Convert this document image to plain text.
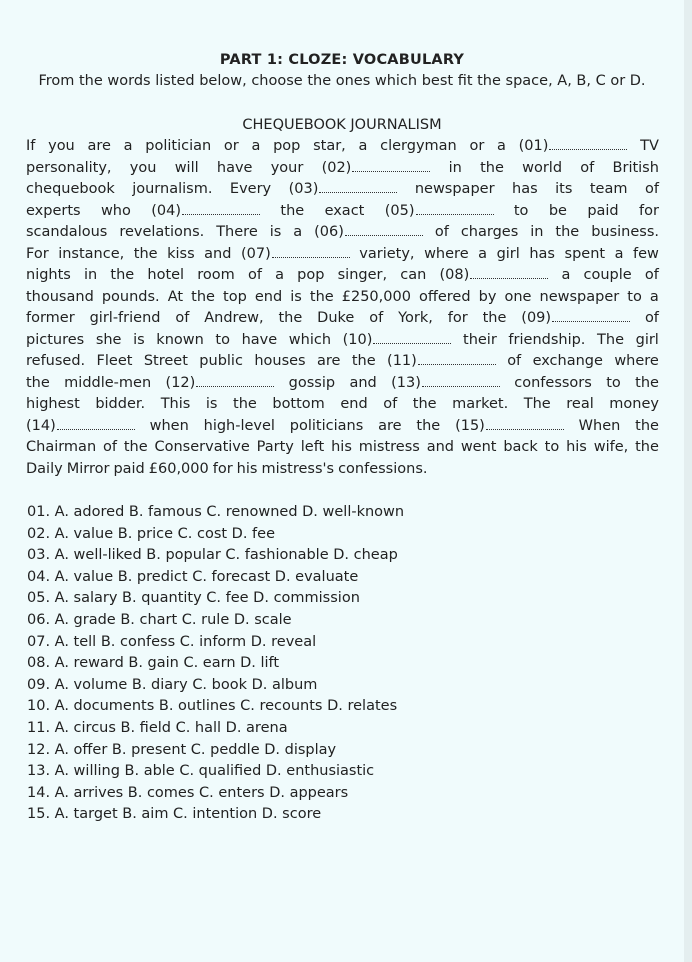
PART 1: CLOZE: VOCABULARY
From the words listed below, choose the ones which best fit the space, A, B, C or D.
CHEQUEBOOK JOURNALISM
If you are a politician or a pop star, a clergyman or a (01)	TV
personality, you will have your (02)	in the world of British
chequebook journalism. Every (03)	newspaper has its team of
experts who (04)	the exact (05)	to be paid for
scandalous revelations. There is a (06)	of charges in the business.
For instance, the kiss and (07)	variety, where a girl has spent a few
nights in the hotel room of a pop singer, can (08)	a couple of
thousand pounds. At the top end is the £250,000 offered by one newspaper to a
former girl-friend of Andrew, the Duke of York, for the (09)	of
pictures she is known to have which (10)	their friendship. The girl
refused. Fleet Street public houses are the (11)	of exchange where
the middle-men (12)	gossip and (13)	confessors to the
highest bidder. This is the bottom end of the market. The real money
(14)	when high-level politicians are the (15)	When the
Chairman of the Conservative Party left his mistress and went back to his wife, the
Daily Mirror paid £60,000 for his mistress's confessions.
01. A. adored B. famous C. renowned D. well-known
02. A. value B. price C. cost D. fee
03. A. well-liked B. popular C. fashionable D. cheap
04. A. value B. predict C. forecast D. evaluate
05. A. salary B. quantity C. fee D. commission
06. A. grade B. chart C. rule D. scale
07. A. tell B. confess C. inform D. reveal
08. A. reward B. gain C. earn D. lift
09. A. volume B. diary C. book D. album
10. A. documents B. outlines C. recounts D. relates
11. A. circus B. field C. hall D. arena
12. A. offer B. present C. peddle D. display
13. A. willing B. able C. qualified D. enthusiastic
14. A. arrives B. comes C. enters D. appears
15. A. target B. aim C. intention D. score
